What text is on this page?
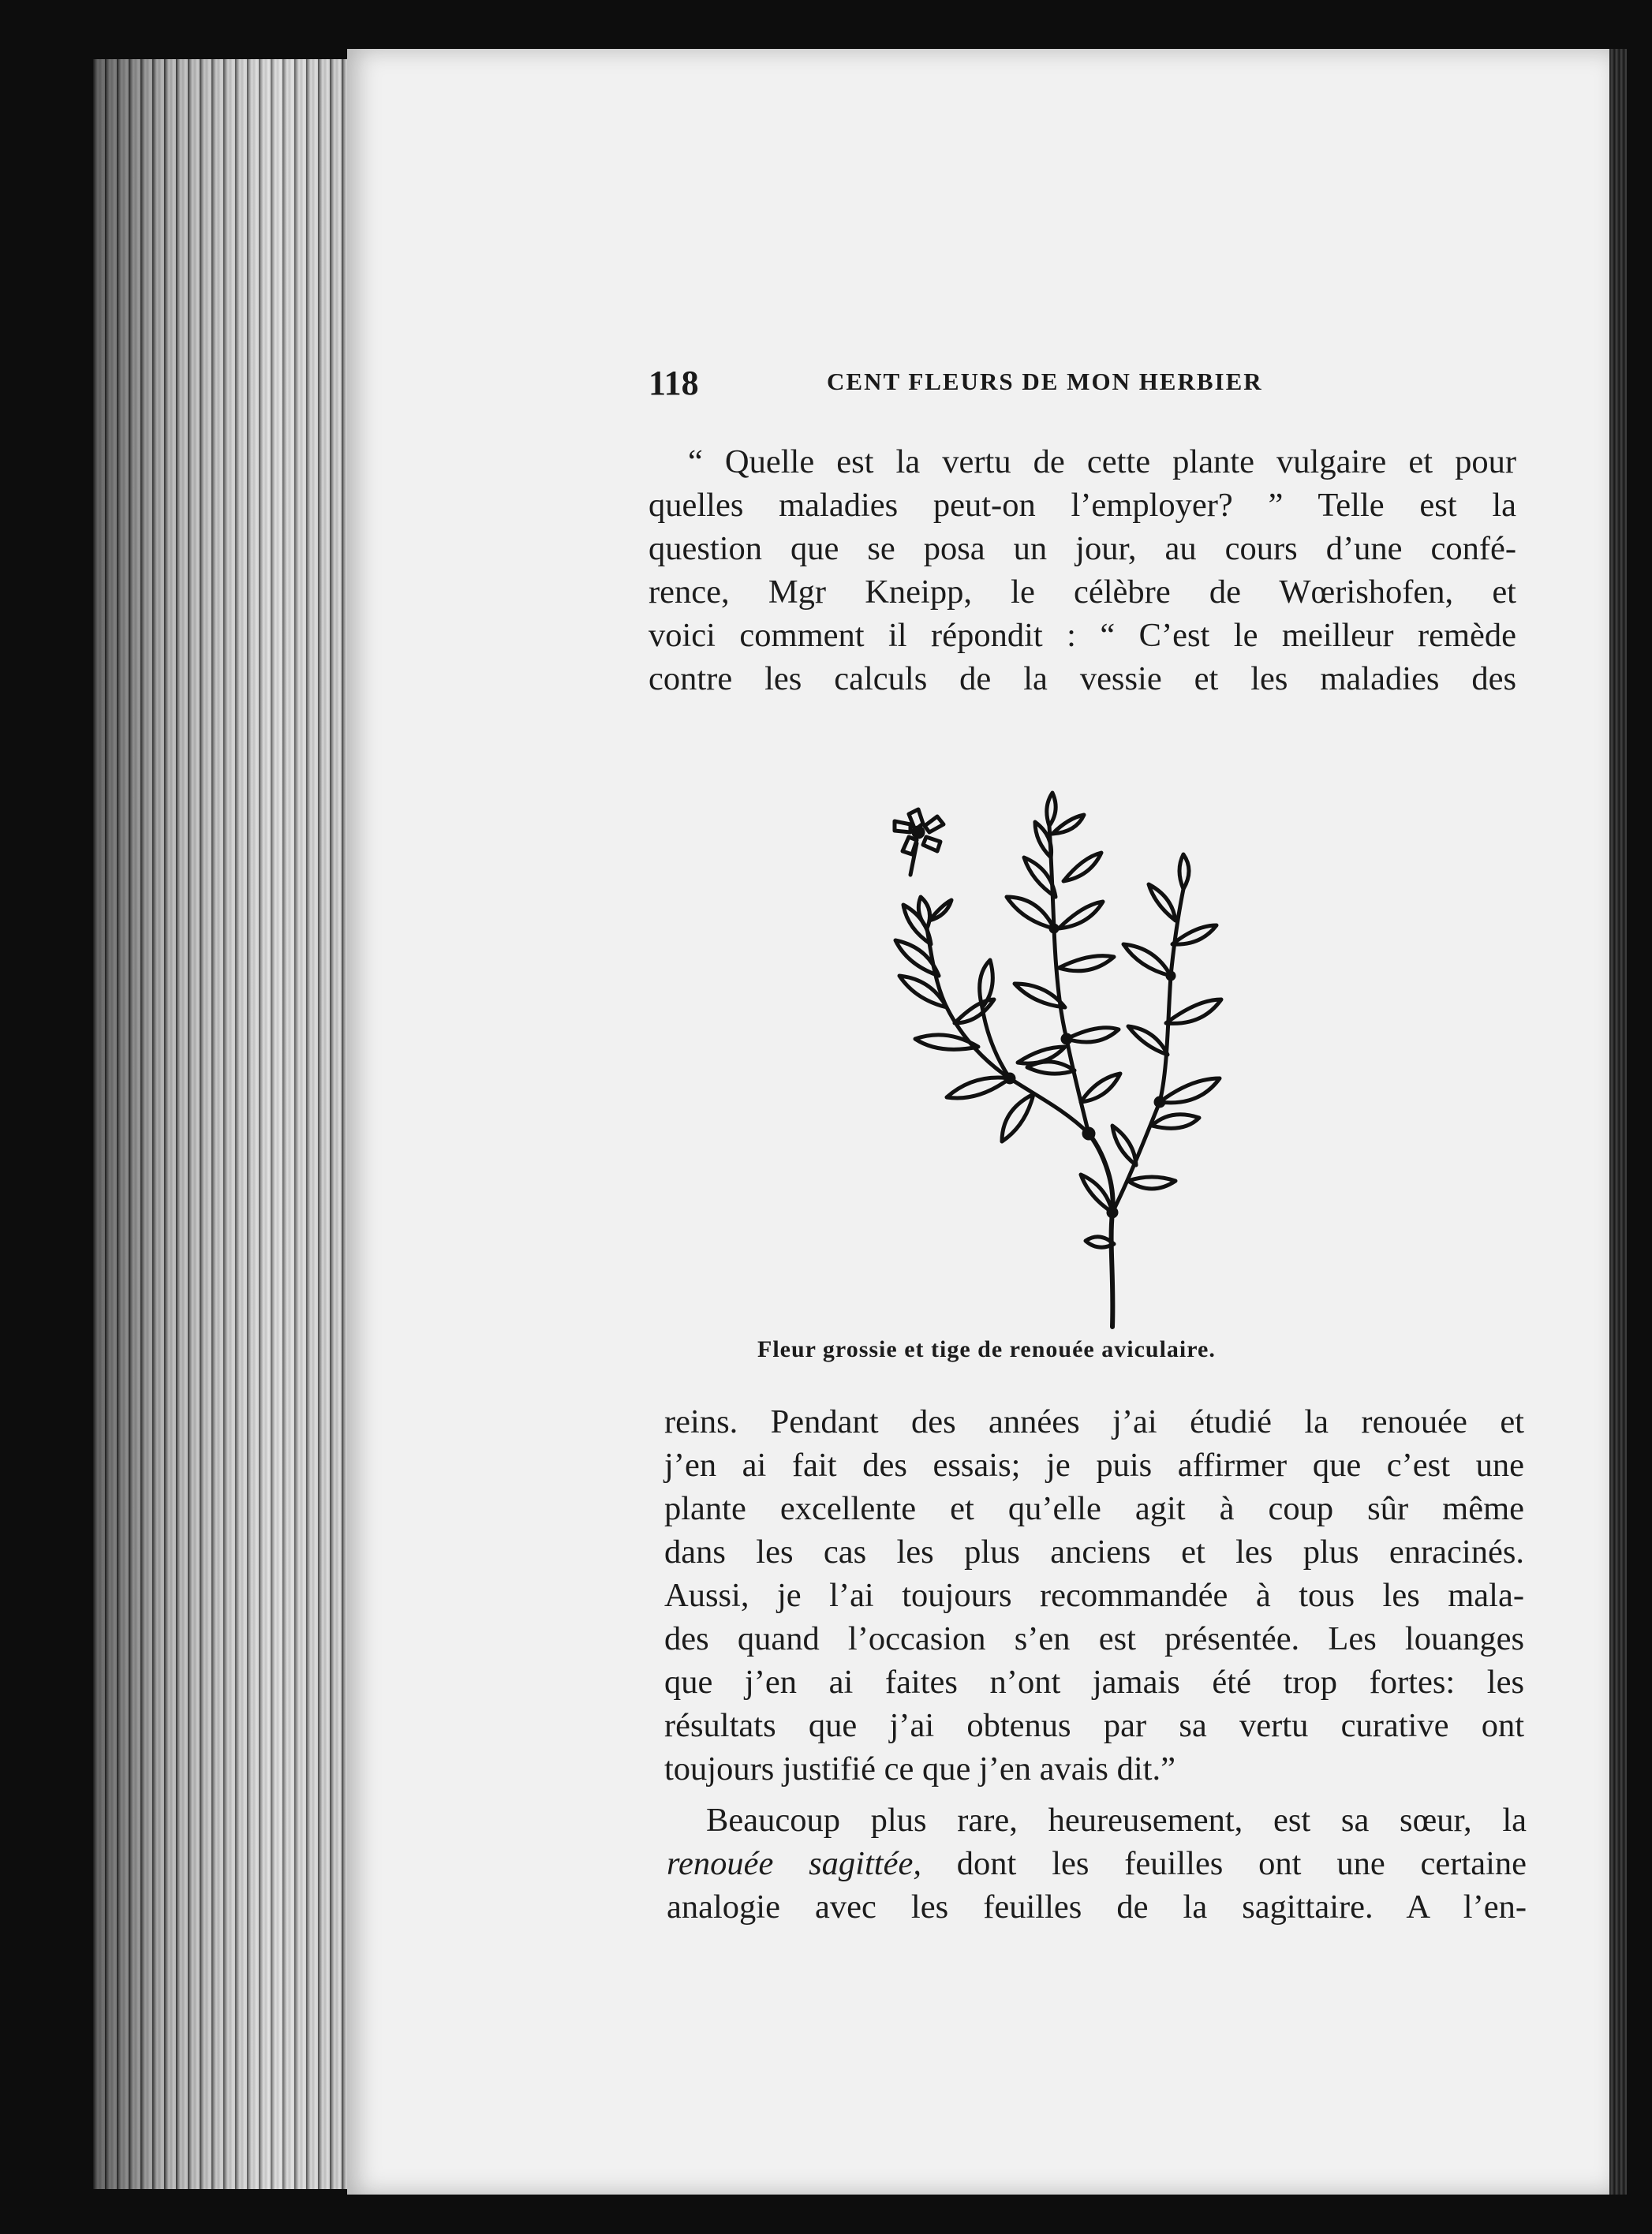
118	CENT FLEURS DE MON HERBIER

“ Quelle est la vertu de cette plante vulgaire et pour
quelles maladies peut-on l’employer? ” Telle est la
question que se posa un jour, au cours d’une confé-
rence, Mgr Kneipp, le célèbre de Wœrishofen, et
voici comment il répondit : “ C’est le meilleur remède
contre les calculs de la vessie et les maladies des

Fleur grossie et tige de renouée aviculaire.

reins. Pendant des années j’ai étudié la renouée et
j’en ai fait des essais; je puis affirmer que c’est une
plante excellente et qu’elle agit à coup sûr même
dans les cas les plus anciens et les plus enracinés.
Aussi, je l’ai toujours recommandée à tous les mala-
des quand l’occasion s’en est présentée. Les louanges
que j’en ai faites n’ont jamais été trop fortes: les
résultats que j’ai obtenus par sa vertu curative ont
toujours justifié ce que j’en avais dit.”

Beaucoup plus rare, heureusement, est sa sœur, la
renouée sagittée, dont les feuilles ont une certaine
analogie avec les feuilles de la sagittaire. A l’en-
